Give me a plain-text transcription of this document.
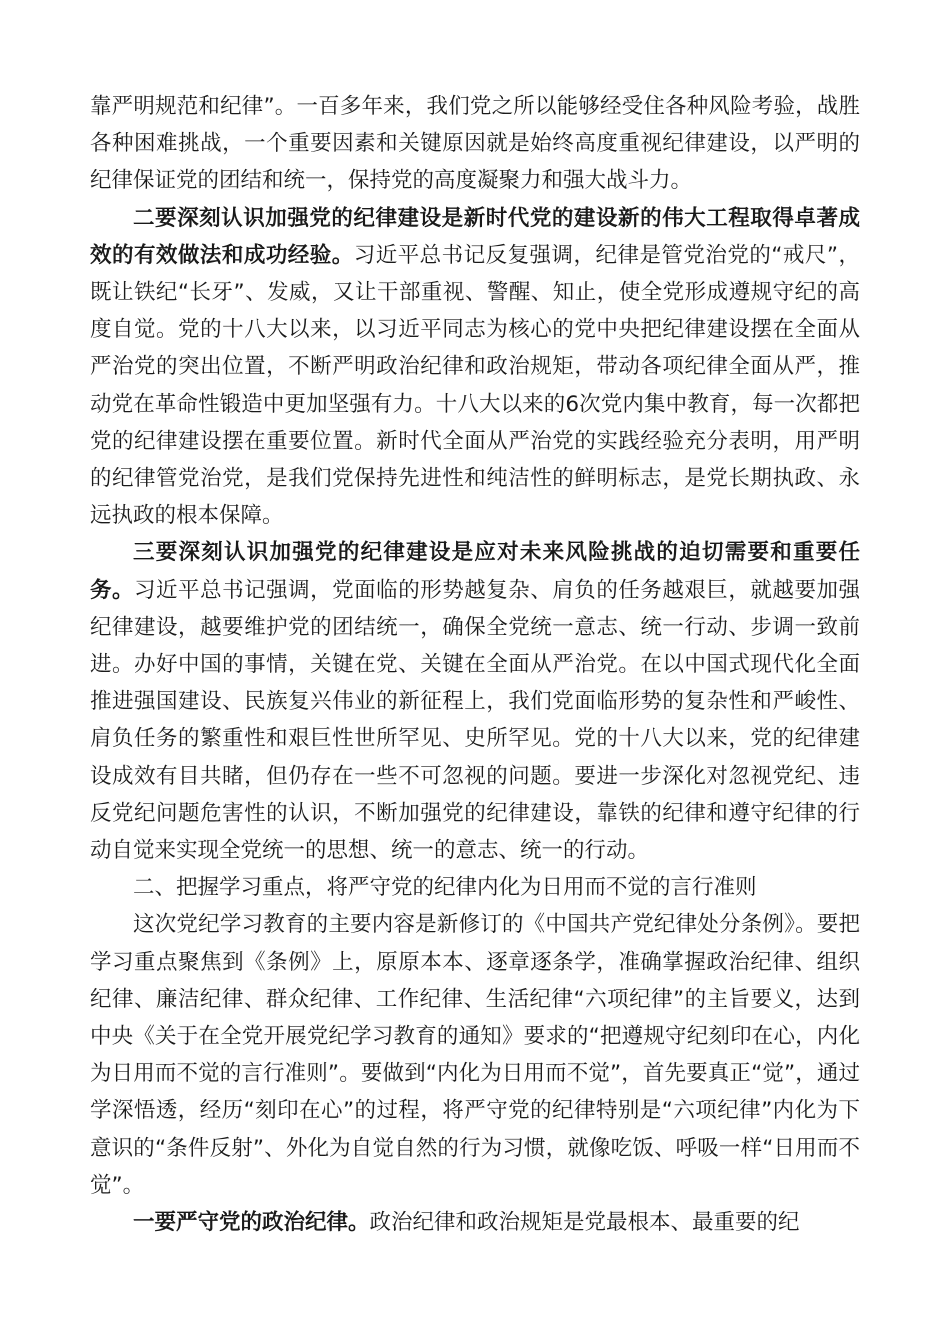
靠严明规范和纪律”。一百多年来，我们党之所以能够经受住各种风险考验，战胜各种困难挑战，一个重要因素和关键原因就是始终高度重视纪律建设，以严明的纪律保证党的团结和统一，保持党的高度凝聚力和强大战斗力。

二要深刻认识加强党的纪律建设是新时代党的建设新的伟大工程取得卓著成效的有效做法和成功经验。习近平总书记反复强调，纪律是管党治党的“戒尺”，既让铁纪“长牙”、发威，又让干部重视、警醒、知止，使全党形成遵规守纪的高度自觉。党的十八大以来，以习近平同志为核心的党中央把纪律建设摆在全面从严治党的突出位置，不断严明政治纪律和政治规矩，带动各项纪律全面从严，推动党在革命性锻造中更加坚强有力。十八大以来的6次党内集中教育，每一次都把党的纪律建设摆在重要位置。新时代全面从严治党的实践经验充分表明，用严明的纪律管党治党，是我们党保持先进性和纯洁性的鲜明标志，是党长期执政、永远执政的根本保障。

三要深刻认识加强党的纪律建设是应对未来风险挑战的迫切需要和重要任务。习近平总书记强调，党面临的形势越复杂、肩负的任务越艰巨，就越要加强纪律建设，越要维护党的团结统一，确保全党统一意志、统一行动、步调一致前进。办好中国的事情，关键在党、关键在全面从严治党。在以中国式现代化全面推进强国建设、民族复兴伟业的新征程上，我们党面临形势的复杂性和严峻性、肩负任务的繁重性和艰巨性世所罕见、史所罕见。党的十八大以来，党的纪律建设成效有目共睹，但仍存在一些不可忽视的问题。要进一步深化对忽视党纪、违反党纪问题危害性的认识，不断加强党的纪律建设，靠铁的纪律和遵守纪律的行动自觉来实现全党统一的思想、统一的意志、统一的行动。

二、把握学习重点，将严守党的纪律内化为日用而不觉的言行准则

这次党纪学习教育的主要内容是新修订的《中国共产党纪律处分条例》。要把学习重点聚焦到《条例》上，原原本本、逐章逐条学，准确掌握政治纪律、组织纪律、廉洁纪律、群众纪律、工作纪律、生活纪律“六项纪律”的主旨要义，达到中央《关于在全党开展党纪学习教育的通知》要求的“把遵规守纪刻印在心，内化为日用而不觉的言行准则”。要做到“内化为日用而不觉”，首先要真正“觉”，通过学深悟透，经历“刻印在心”的过程，将严守党的纪律特别是“六项纪律”内化为下意识的“条件反射”、外化为自觉自然的行为习惯，就像吃饭、呼吸一样“日用而不觉”。

一要严守党的政治纪律。政治纪律和政治规矩是党最根本、最重要的纪
